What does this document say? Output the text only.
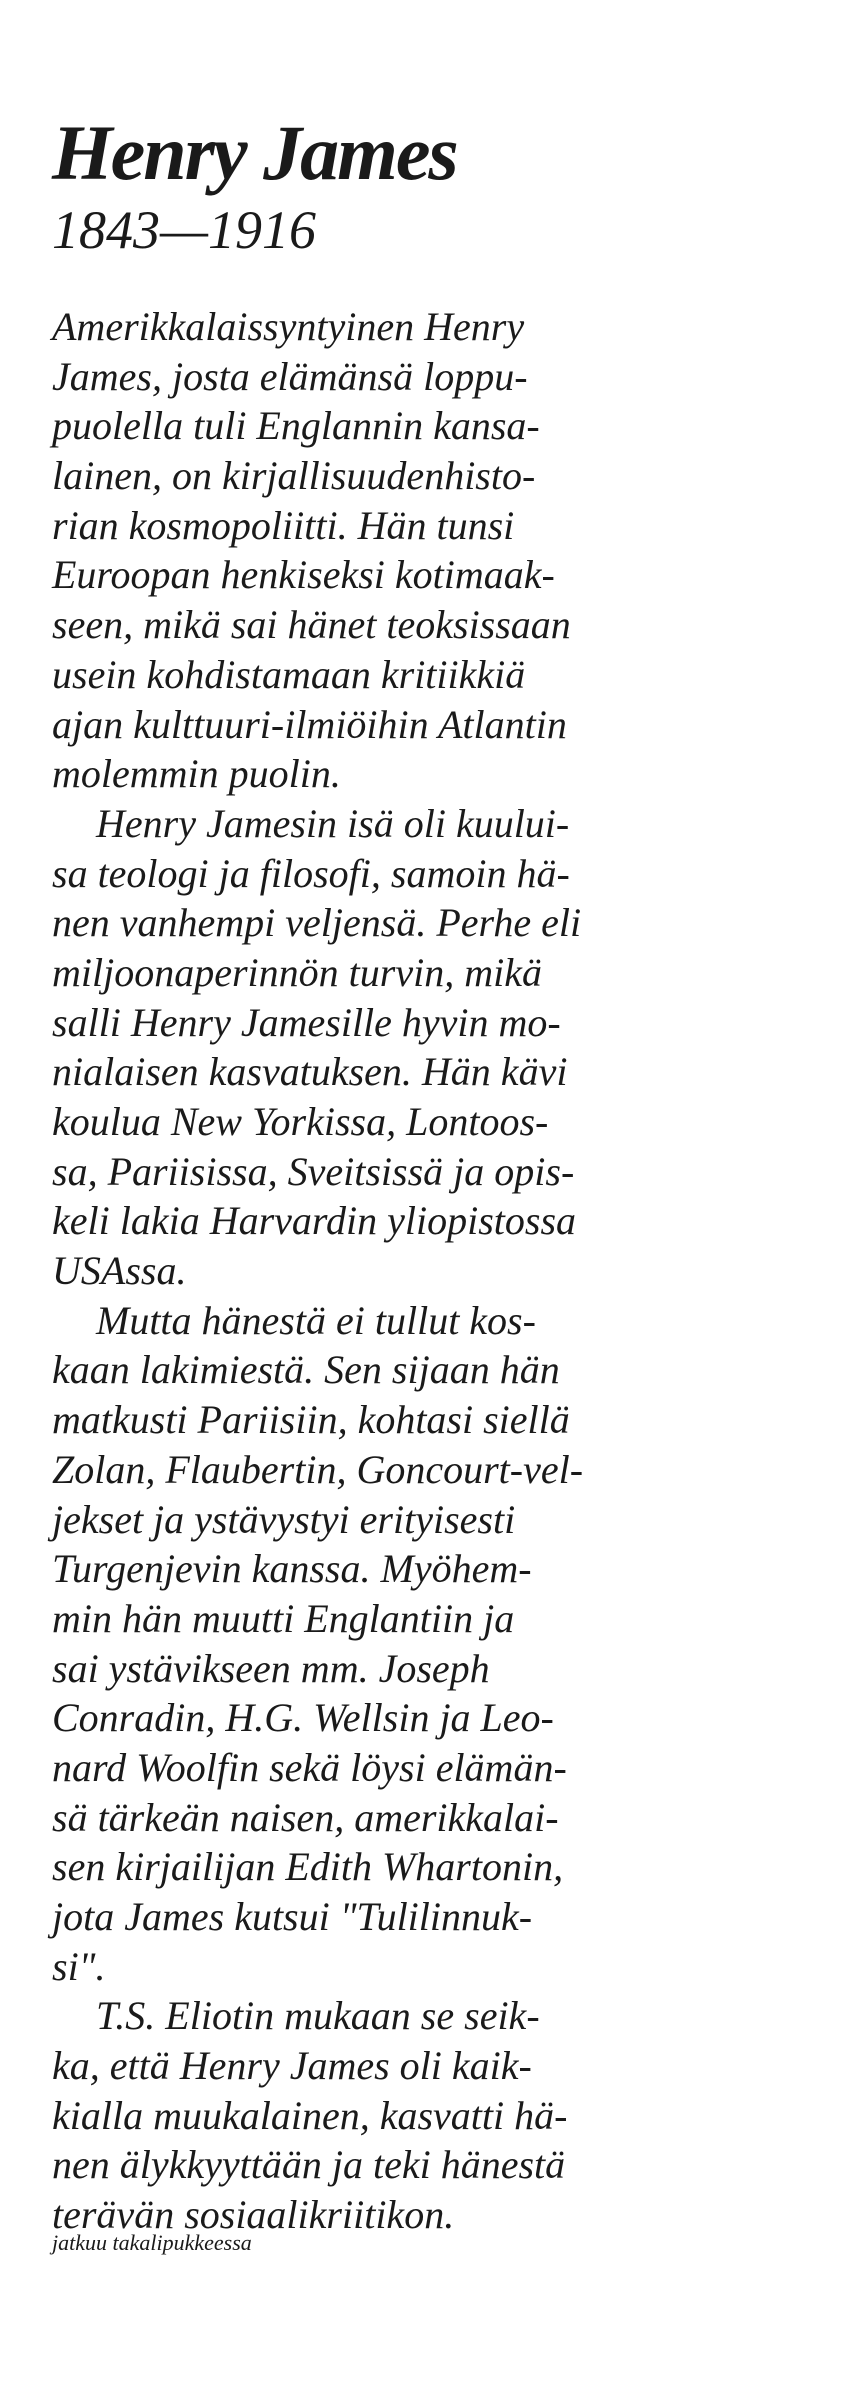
Henry James
1843—1916
Amerikkalaissyntyinen Henry
James, josta elämänsä loppu-
puolella tuli Englannin kansa-
lainen, on kirjallisuudenhisto-
rian kosmopoliitti. Hän tunsi
Euroopan henkiseksi kotimaak-
seen, mikä sai hänet teoksissaan
usein kohdistamaan kritiikkiä
ajan kulttuuri-ilmiöihin Atlantin
molemmin puolin.
Henry Jamesin isä oli kuului-
sa teologi ja filosofi, samoin hä-
nen vanhempi veljensä. Perhe eli
miljoonaperinnön turvin, mikä
salli Henry Jamesille hyvin mo-
nialaisen kasvatuksen. Hän kävi
koulua New Yorkissa, Lontoos-
sa, Pariisissa, Sveitsissä ja opis-
keli lakia Harvardin yliopistossa
USAssa.
Mutta hänestä ei tullut kos-
kaan lakimiestä. Sen sijaan hän
matkusti Pariisiin, kohtasi siellä
Zolan, Flaubertin, Goncourt-vel-
jekset ja ystävystyi erityisesti
Turgenjevin kanssa. Myöhem-
min hän muutti Englantiin ja
sai ystävikseen mm. Joseph
Conradin, H.G. Wellsin ja Leo-
nard Woolfin sekä löysi elämän-
sä tärkeän naisen, amerikkalai-
sen kirjailijan Edith Whartonin,
jota James kutsui "Tulilinnuk-
si".
T.S. Eliotin mukaan se seik-
ka, että Henry James oli kaik-
kialla muukalainen, kasvatti hä-
nen älykkyyttään ja teki hänestä
terävän sosiaalikriitikon.
jatkuu takalipukkeessa
